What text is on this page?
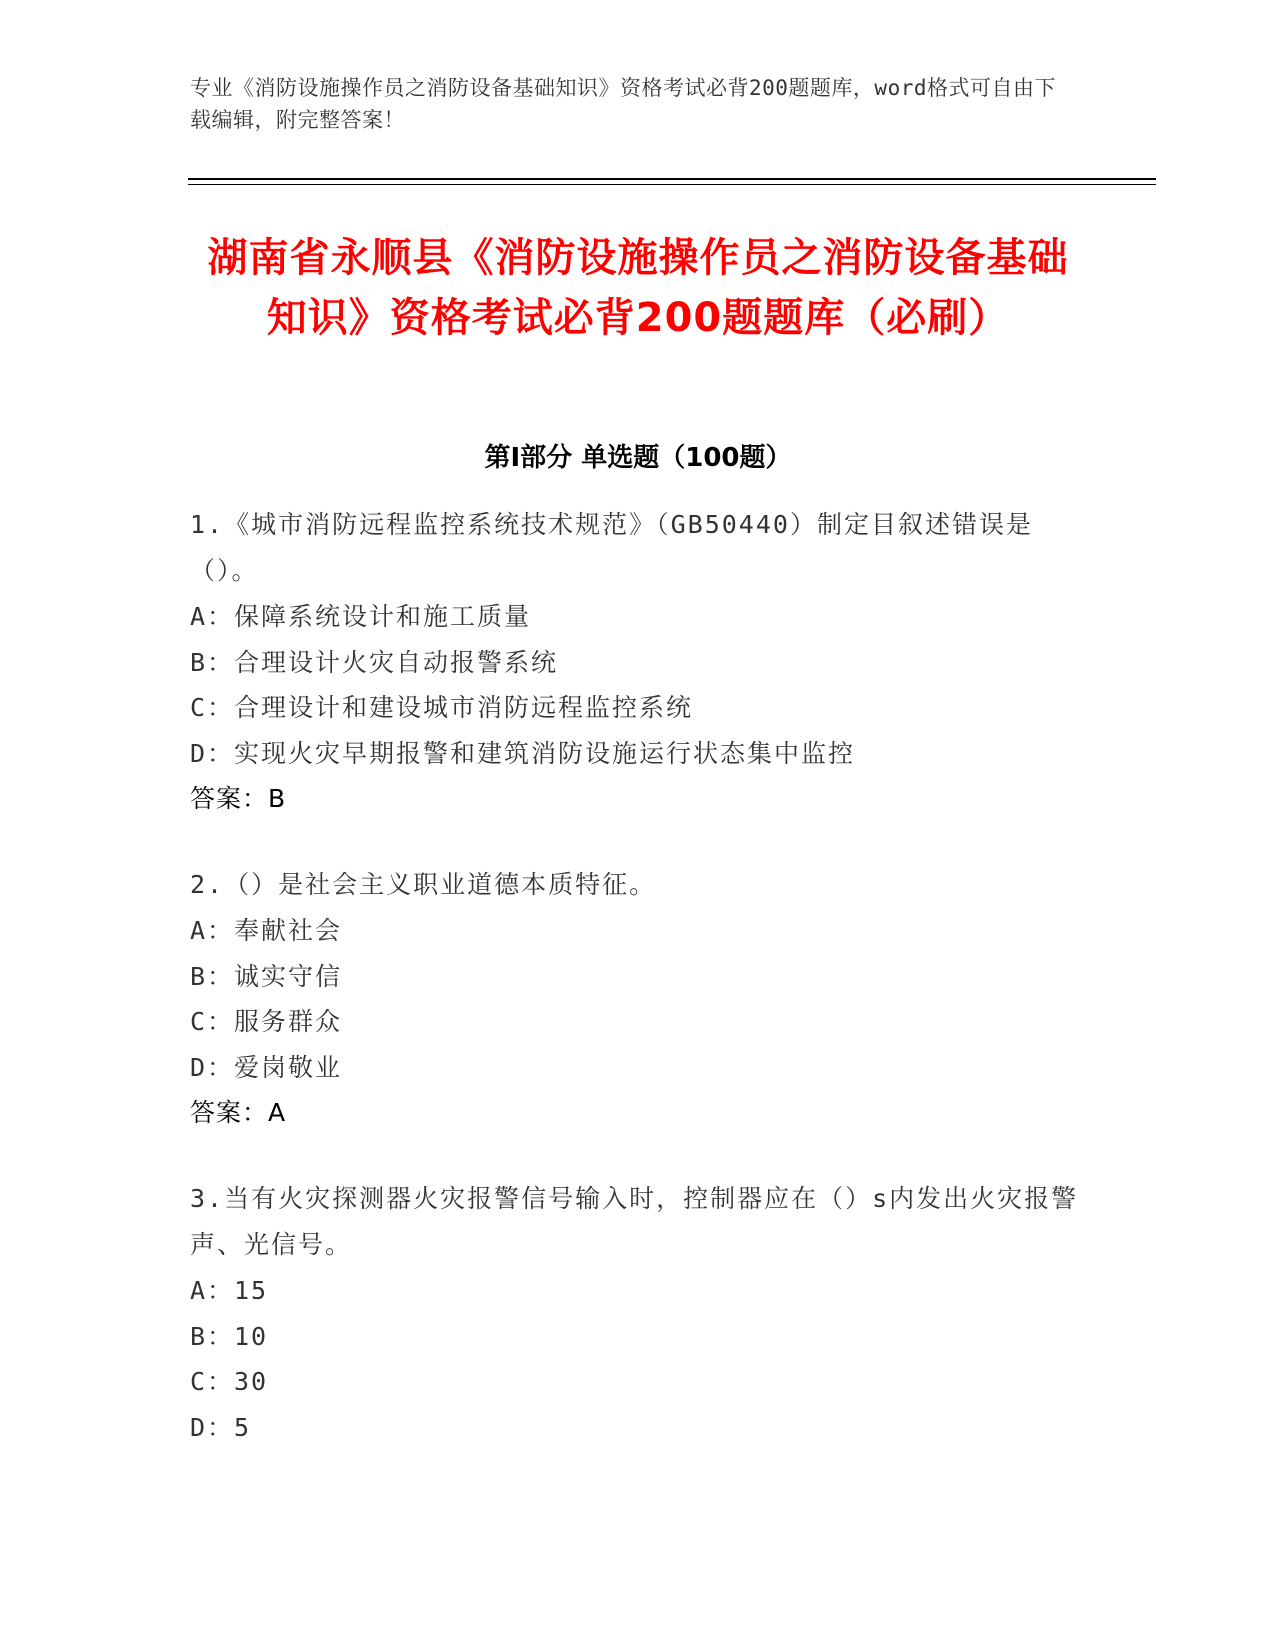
专业《消防设施操作员之消防设备基础知识》资格考试必背200题题库，word格式可自由下载编辑，附完整答案！
湖南省永顺县《消防设施操作员之消防设备基础知识》资格考试必背200题题库（必刷）
第Ⅰ部分 单选题（100题）
1.《城市消防远程监控系统技术规范》（GB50440）制定目叙述错误是（）。
A：保障系统设计和施工质量
B：合理设计火灾自动报警系统
C：合理设计和建设城市消防远程监控系统
D：实现火灾早期报警和建筑消防设施运行状态集中监控
答案：B
2.（）是社会主义职业道德本质特征。
A：奉献社会
B：诚实守信
C：服务群众
D：爱岗敬业
答案：A
3.当有火灾探测器火灾报警信号输入时，控制器应在（）s内发出火灾报警声、光信号。
A：15
B：10
C：30
D：5
